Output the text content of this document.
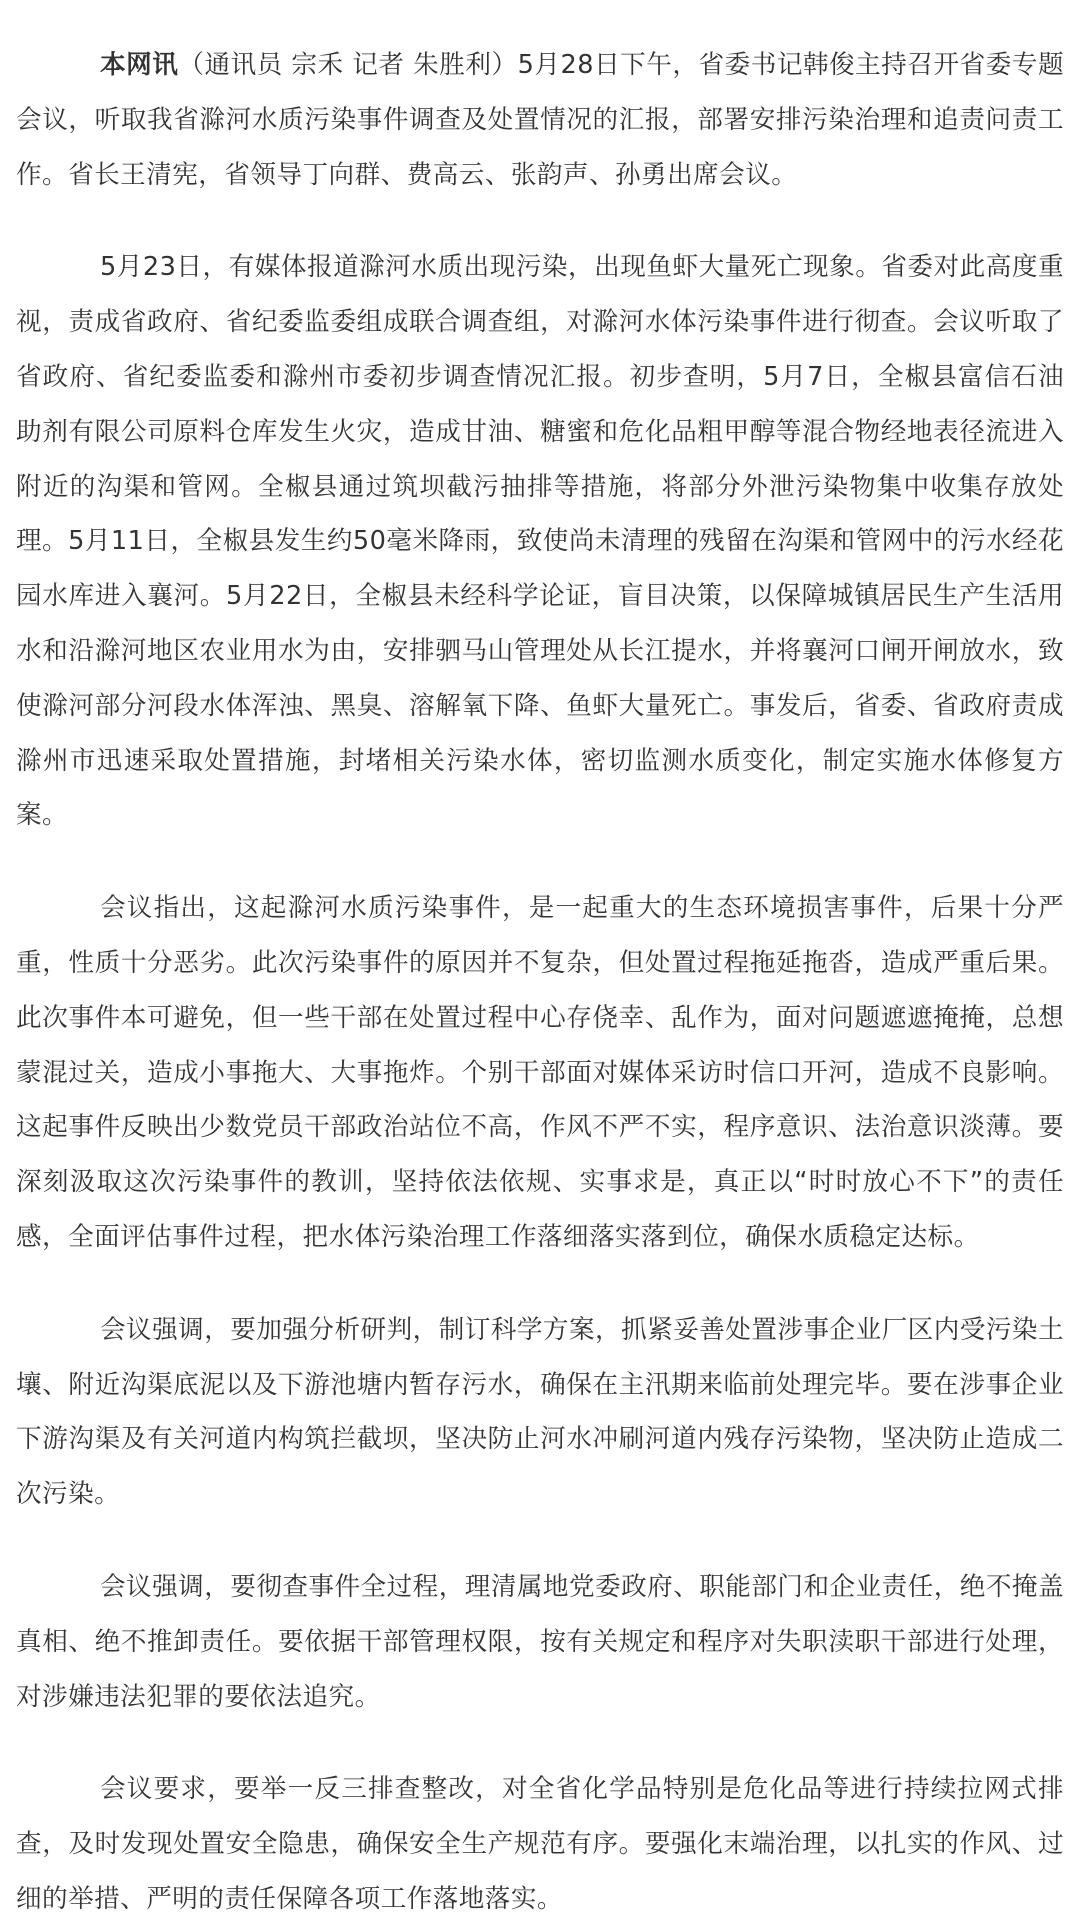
本网讯（通讯员 宗禾 记者 朱胜利）5月28日下午，省委书记韩俊主持召开省委专题会议，听取我省滁河水质污染事件调查及处置情况的汇报，部署安排污染治理和追责问责工作。省长王清宪，省领导丁向群、费高云、张韵声、孙勇出席会议。

5月23日，有媒体报道滁河水质出现污染，出现鱼虾大量死亡现象。省委对此高度重视，责成省政府、省纪委监委组成联合调查组，对滁河水体污染事件进行彻查。会议听取了省政府、省纪委监委和滁州市委初步调查情况汇报。初步查明，5月7日，全椒县富信石油助剂有限公司原料仓库发生火灾，造成甘油、糖蜜和危化品粗甲醇等混合物经地表径流进入附近的沟渠和管网。全椒县通过筑坝截污抽排等措施，将部分外泄污染物集中收集存放处理。5月11日，全椒县发生约50毫米降雨，致使尚未清理的残留在沟渠和管网中的污水经花园水库进入襄河。5月22日，全椒县未经科学论证，盲目决策，以保障城镇居民生产生活用水和沿滁河地区农业用水为由，安排驷马山管理处从长江提水，并将襄河口闸开闸放水，致使滁河部分河段水体浑浊、黑臭、溶解氧下降、鱼虾大量死亡。事发后，省委、省政府责成滁州市迅速采取处置措施，封堵相关污染水体，密切监测水质变化，制定实施水体修复方案。

会议指出，这起滁河水质污染事件，是一起重大的生态环境损害事件，后果十分严重，性质十分恶劣。此次污染事件的原因并不复杂，但处置过程拖延拖沓，造成严重后果。此次事件本可避免，但一些干部在处置过程中心存侥幸、乱作为，面对问题遮遮掩掩，总想蒙混过关，造成小事拖大、大事拖炸。个别干部面对媒体采访时信口开河，造成不良影响。这起事件反映出少数党员干部政治站位不高，作风不严不实，程序意识、法治意识淡薄。要深刻汲取这次污染事件的教训，坚持依法依规、实事求是，真正以“时时放心不下”的责任感，全面评估事件过程，把水体污染治理工作落细落实落到位，确保水质稳定达标。

会议强调，要加强分析研判，制订科学方案，抓紧妥善处置涉事企业厂区内受污染土壤、附近沟渠底泥以及下游池塘内暂存污水，确保在主汛期来临前处理完毕。要在涉事企业下游沟渠及有关河道内构筑拦截坝，坚决防止河水冲刷河道内残存污染物，坚决防止造成二次污染。

会议强调，要彻查事件全过程，理清属地党委政府、职能部门和企业责任，绝不掩盖真相、绝不推卸责任。要依据干部管理权限，按有关规定和程序对失职渎职干部进行处理，对涉嫌违法犯罪的要依法追究。

会议要求，要举一反三排查整改，对全省化学品特别是危化品等进行持续拉网式排查，及时发现处置安全隐患，确保安全生产规范有序。要强化末端治理，以扎实的作风、过细的举措、严明的责任保障各项工作落地落实。
